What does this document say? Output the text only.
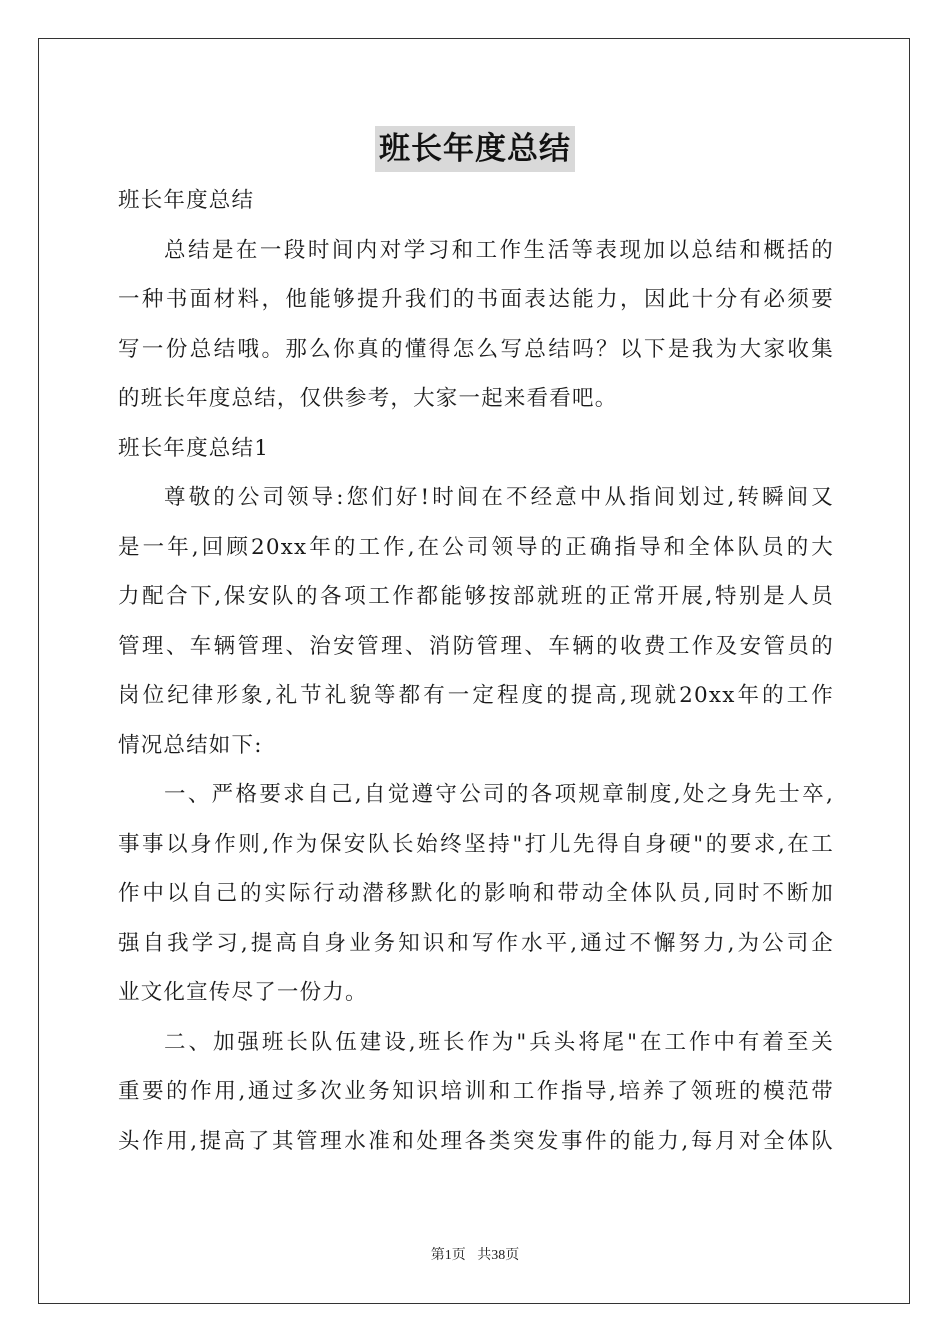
班长年度总结
班长年度总结
总结是在一段时间内对学习和工作生活等表现加以总结和概括的
一种书面材料，他能够提升我们的书面表达能力，因此十分有必须要
写一份总结哦。那么你真的懂得怎么写总结吗？以下是我为大家收集
的班长年度总结，仅供参考，大家一起来看看吧。
班长年度总结1
尊敬的公司领导:您们好!时间在不经意中从指间划过,转瞬间又
是一年,回顾20xx年的工作,在公司领导的正确指导和全体队员的大
力配合下,保安队的各项工作都能够按部就班的正常开展,特别是人员
管理、车辆管理、治安管理、消防管理、车辆的收费工作及安管员的
岗位纪律形象,礼节礼貌等都有一定程度的提高,现就20xx年的工作
情况总结如下:
一、严格要求自己,自觉遵守公司的各项规章制度,处之身先士卒,
事事以身作则,作为保安队长始终坚持"打儿先得自身硬"的要求,在工
作中以自己的实际行动潜移默化的影响和带动全体队员,同时不断加
强自我学习,提高自身业务知识和写作水平,通过不懈努力,为公司企
业文化宣传尽了一份力。
二、加强班长队伍建设,班长作为"兵头将尾"在工作中有着至关
重要的作用,通过多次业务知识培训和工作指导,培养了领班的模范带
头作用,提高了其管理水准和处理各类突发事件的能力,每月对全体队
第1页 共38页
